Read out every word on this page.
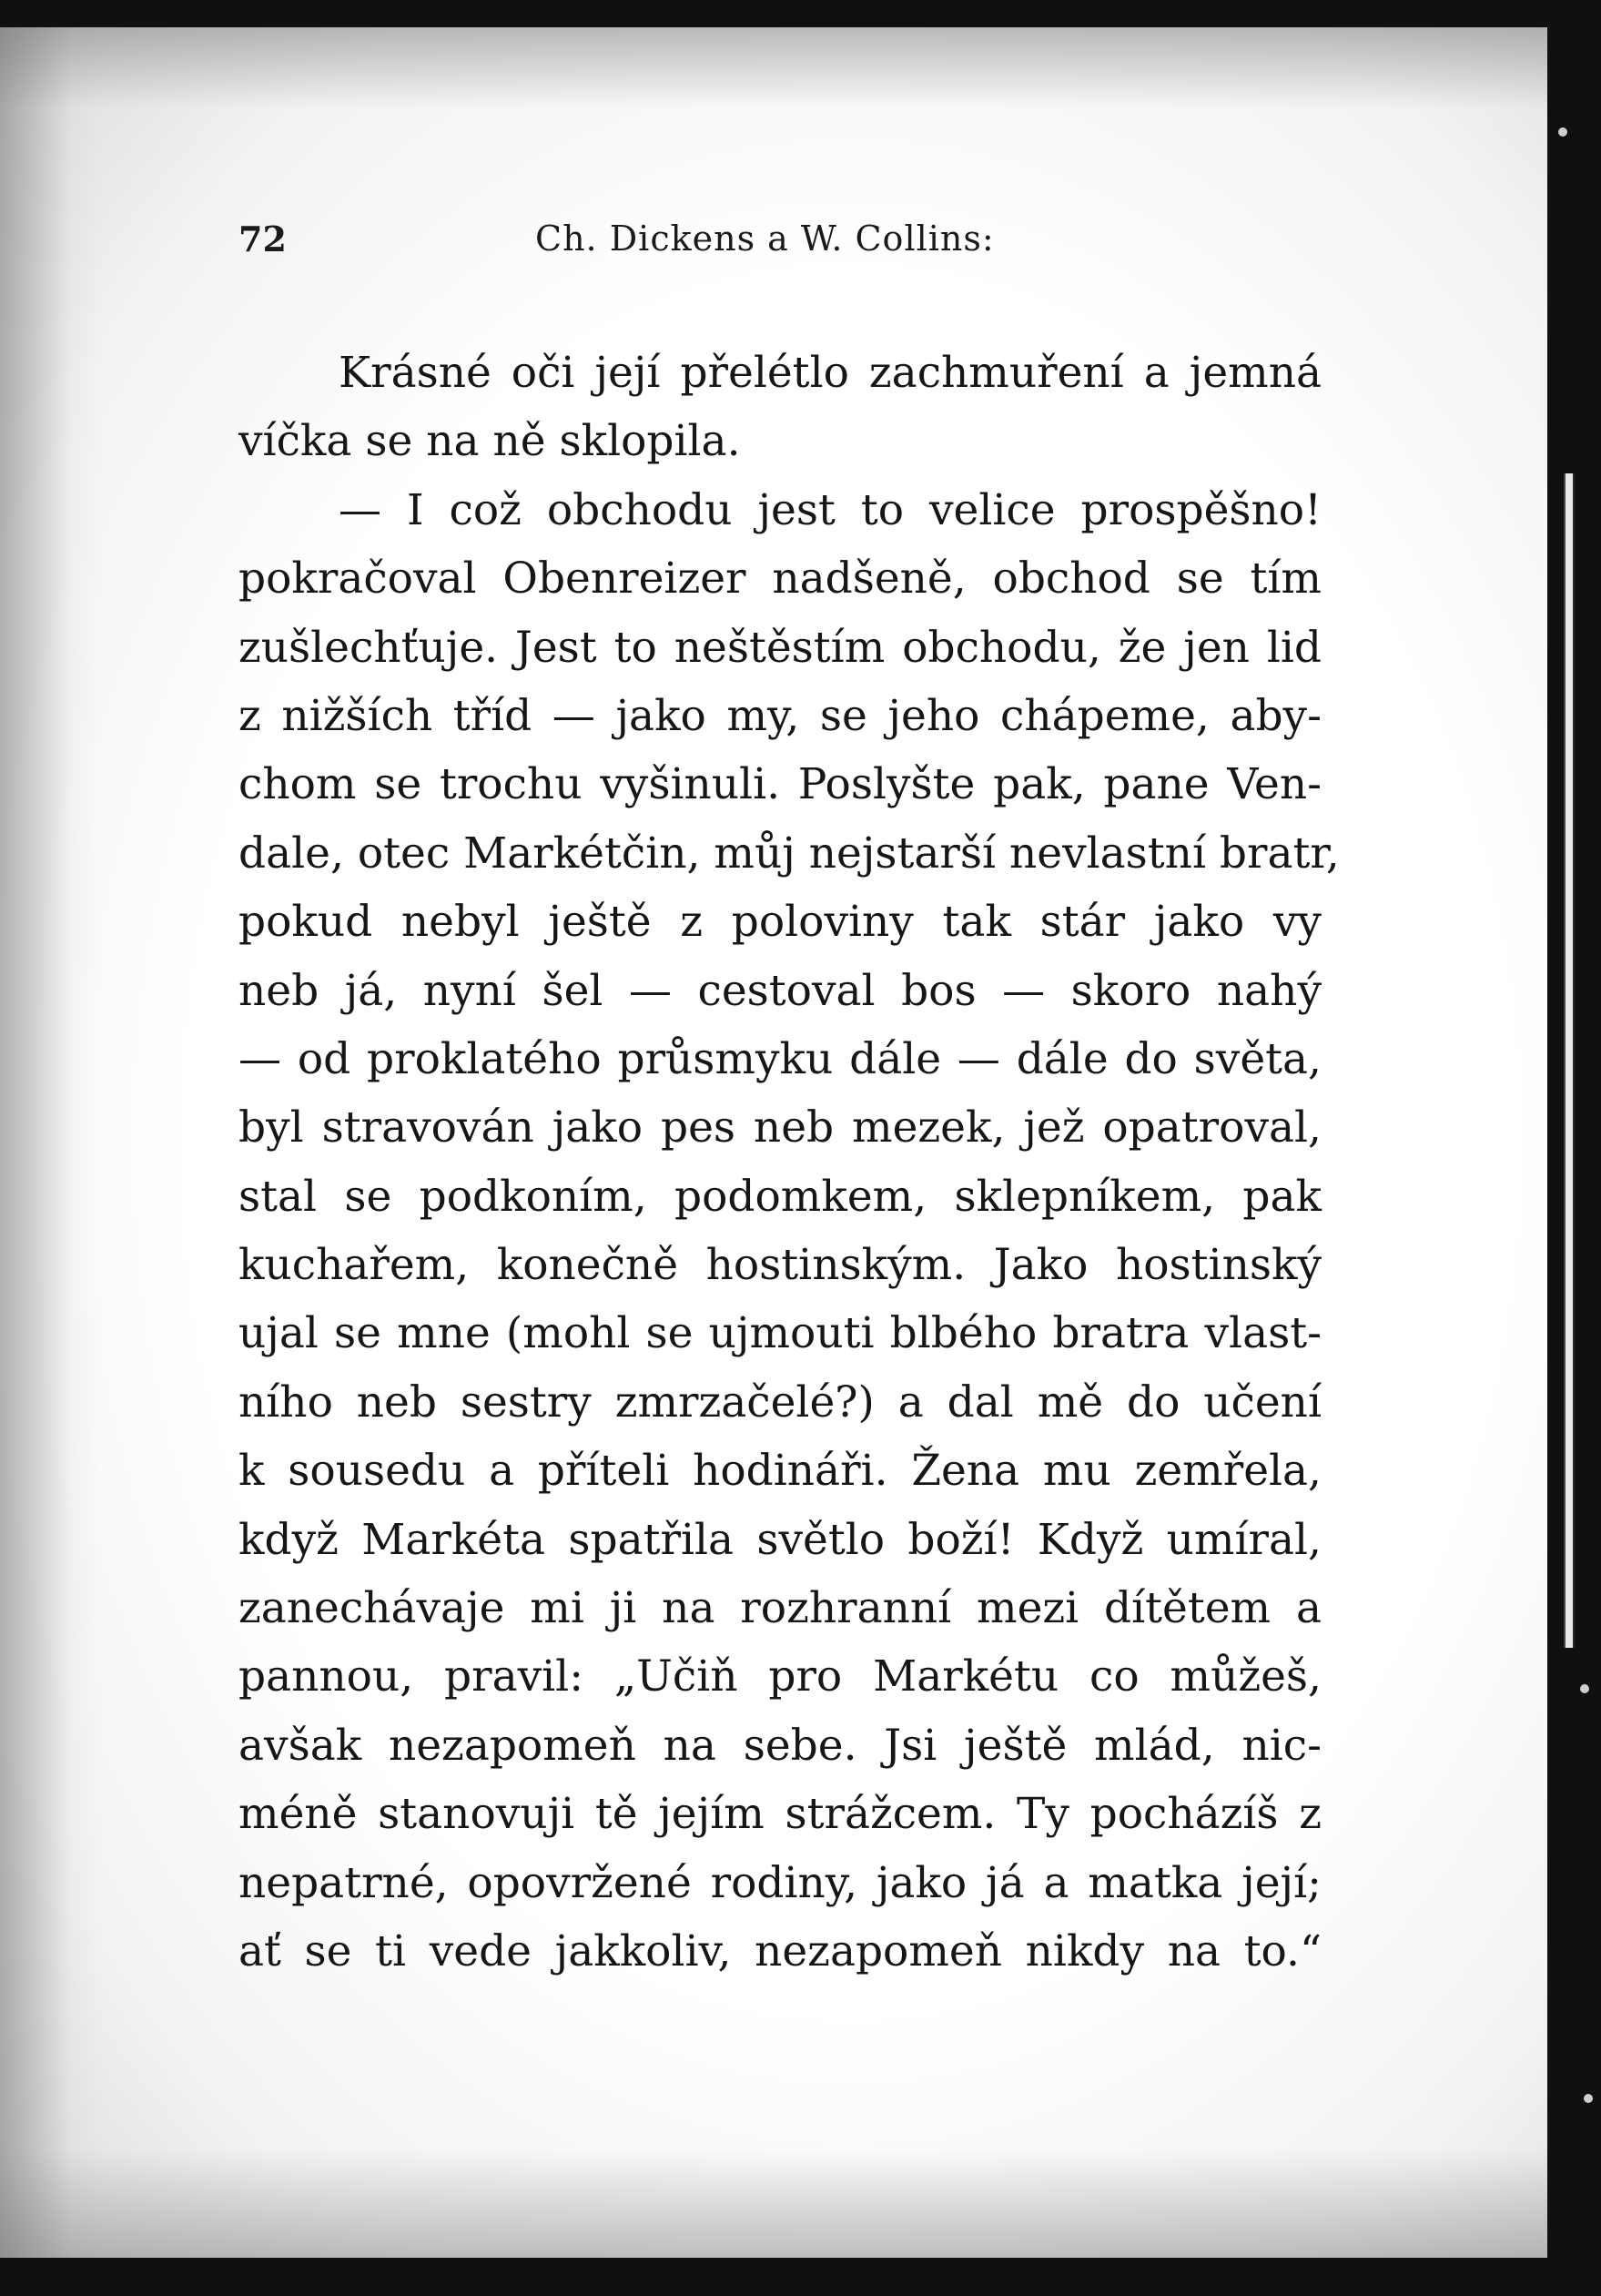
72	Ch. Dickens a W. Collins:
Krásné oči její přelétlo zachmuření a jemná
víčka se na ně sklopila.
— I což obchodu jest to velice prospěšno!
pokračoval Obenreizer nadšeně, obchod se tím
zušlechťuje. Jest to neštěstím obchodu, že jen lid
z nižších tříd — jako my, se jeho chápeme, aby-
chom se trochu vyšinuli. Poslyšte pak, pane Ven-
dale, otec Markétčin, můj nejstarší nevlastní bratr,
pokud nebyl ještě z poloviny tak stár jako vy
neb já, nyní šel — cestoval bos — skoro nahý
— od proklatého průsmyku dále — dále do světa,
byl stravován jako pes neb mezek, jež opatroval,
stal se podkoním, podomkem, sklepníkem, pak
kuchařem, konečně hostinským. Jako hostinský
ujal se mne (mohl se ujmouti blbého bratra vlast-
ního neb sestry zmrzačelé?) a dal mě do učení
k sousedu a příteli hodináři. Žena mu zemřela,
když Markéta spatřila světlo boží! Když umíral,
zanechávaje mi ji na rozhranní mezi dítětem a
pannou, pravil: „Učiň pro Markétu co můžeš,
avšak nezapomeň na sebe. Jsi ještě mlád, nic-
méně stanovuji tě jejím strážcem. Ty pocházíš z
nepatrné, opovržené rodiny, jako já a matka její;
ať se ti vede jakkoliv, nezapomeň nikdy na to.“
